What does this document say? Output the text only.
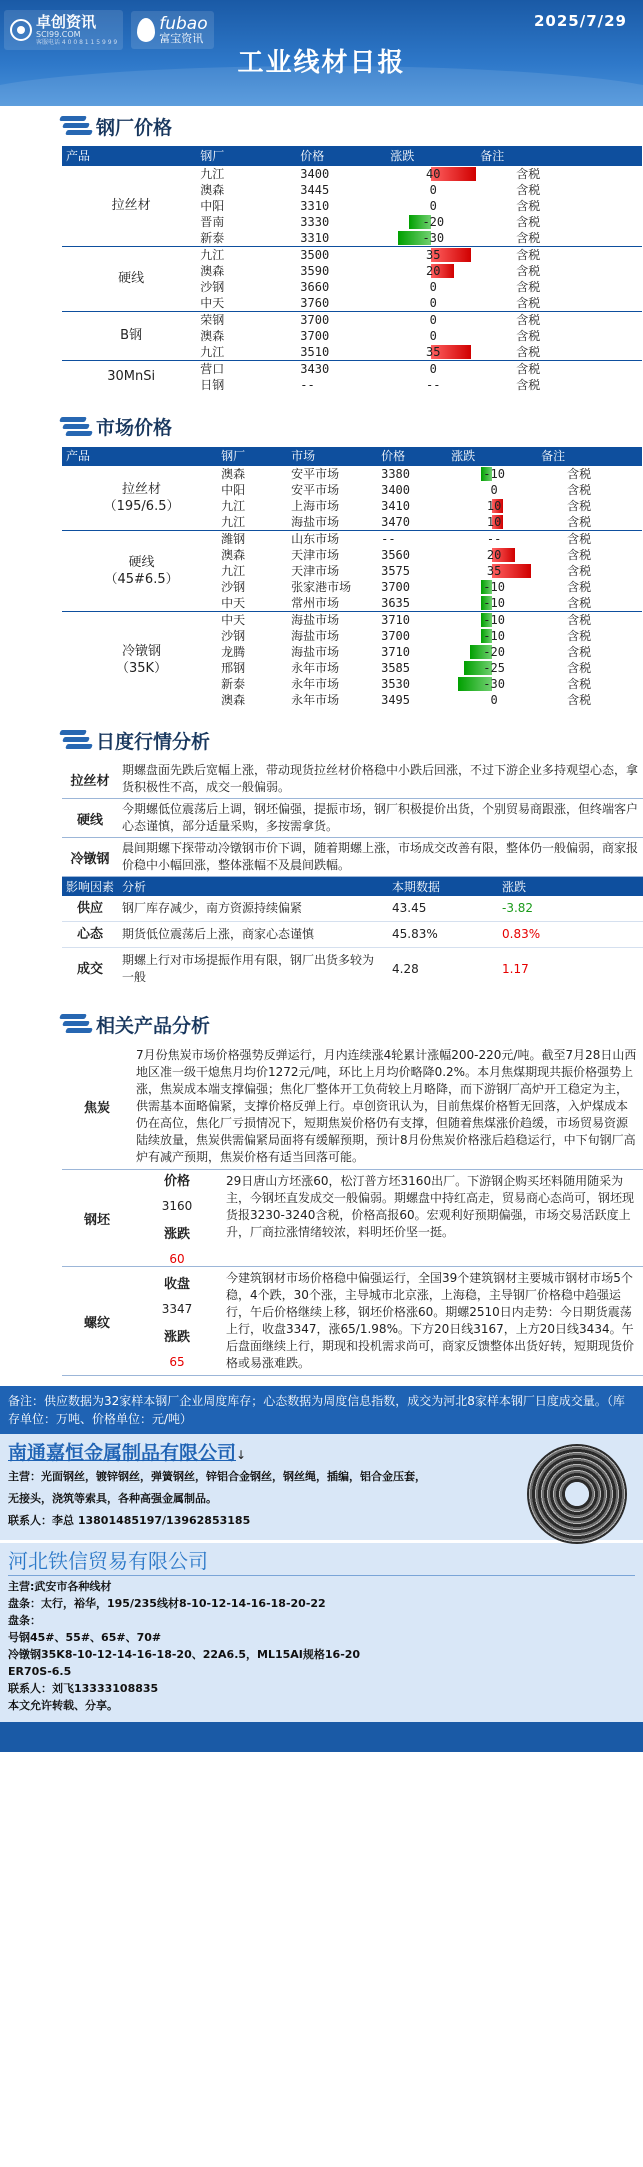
卓创资讯
SCI99.COM
客服电话 4 0 0 8 1 1 5 9 9 9
fubao
富宝资讯
2025/7/29
工业线材日报
钢厂价格
产品	钢厂	价格	涨跌	备注
拉丝材	九江	3400	40	含税
	澳森	3445	0	含税
	中阳	3310	0	含税
	晋南	3330	-20	含税
	新泰	3310	-30	含税
硬线	九江	3500	35	含税
	澳森	3590	20	含税
	沙钢	3660	0	含税
	中天	3760	0	含税
B钢	荣钢	3700	0	含税
	澳森	3700	0	含税
	九江	3510	35	含税
30MnSi	营口	3430	0	含税
	日钢	--	--	含税
市场价格
产品	钢厂	市场	价格	涨跌	备注
拉丝材
（195/6.5）	澳森	安平市场	3380	-10	含税
	中阳	安平市场	3400	0	含税
	九江	上海市场	3410	10	含税
	九江	海盐市场	3470	10	含税
硬线
（45#6.5）	潍钢	山东市场	--	--	含税
	澳森	天津市场	3560	20	含税
	九江	天津市场	3575	35	含税
	沙钢	张家港市场	3700	-10	含税
	中天	常州市场	3635	-10	含税
冷镦钢
（35K）	中天	海盐市场	3710	-10	含税
	沙钢	海盐市场	3700	-10	含税
	龙腾	海盐市场	3710	-20	含税
	邢钢	永年市场	3585	-25	含税
	新泰	永年市场	3530	-30	含税
	澳森	永年市场	3495	0	含税
日度行情分析
拉丝材
期螺盘面先跌后宽幅上涨，带动现货拉丝材价格稳中小跌后回涨，不过下游企业多持观望心态，拿货积极性不高，成交一般偏弱。
硬线
今期螺低位震荡后上调，钢坯偏强，提振市场，钢厂积极提价出货，个别贸易商跟涨，但终端客户心态谨慎，部分适量采购，多按需拿货。
冷镦钢
晨间期螺下探带动冷镦钢市价下调，随着期螺上涨，市场成交改善有限，整体仍一般偏弱，商家报价稳中小幅回涨，整体涨幅不及晨间跌幅。
影响因素	分析	本期数据	涨跌
供应	钢厂库存减少，南方资源持续偏紧	43.45	-3.82
心态	期货低位震荡后上涨，商家心态谨慎	45.83%	0.83%
成交	期螺上行对市场提振作用有限，钢厂出货多较为一般	4.28	1.17
相关产品分析
焦炭
7月份焦炭市场价格强势反弹运行，月内连续涨4轮累计涨幅200-220元/吨。截至7月28日山西地区准一级干熄焦月均价1272元/吨，环比上月均价略降0.2%。本月焦煤期现共振价格强势上涨，焦炭成本端支撑偏强；焦化厂整体开工负荷较上月略降，而下游钢厂高炉开工稳定为主，供需基本面略偏紧，支撑价格反弹上行。卓创资讯认为，目前焦煤价格暂无回落，入炉煤成本仍在高位，焦化厂亏损情况下，短期焦炭价格仍有支撑，但随着焦煤涨价趋缓，市场贸易资源陆续放量，焦炭供需偏紧局面将有缓解预期，预计8月份焦炭价格涨后趋稳运行，中下旬钢厂高炉有减产预期，焦炭价格有适当回落可能。
钢坯
价格
3160
涨跌
60
29日唐山方坯涨60，松汀普方坯3160出厂。下游钢企购买坯料随用随采为主，今钢坯直发成交一般偏弱。期螺盘中持红高走，贸易商心态尚可，钢坯现货报3230-3240含税，价格高报60。宏观利好预期偏强，市场交易活跃度上升，厂商拉涨情绪较浓，料明坯价坚一挺。
螺纹
收盘
3347
涨跌
65
今建筑钢材市场价格稳中偏强运行，全国39个建筑钢材主要城市钢材市场5个稳，4个跌，30个涨，主导城市北京涨，上海稳，主导钢厂价格稳中趋强运行，午后价格继续上移，钢坯价格涨60。期螺2510日内走势：今日期货震荡上行，收盘3347，涨65/1.98%。下方20日线3167，上方20日线3434。午后盘面继续上行，期现和投机需求尚可，商家反馈整体出货好转，短期现货价格或易涨难跌。
备注：供应数据为32家样本钢厂企业周度库存；心态数据为周度信息指数，成交为河北8家样本钢厂日度成交量。（库存单位：万吨、价格单位：元/吨）
南通嘉恒金属制品有限公司↓
主营：光面钢丝，镀锌钢丝，弹簧钢丝，锌铝合金钢丝，钢丝绳，插编，铝合金压套，
无接头，浇筑等索具，各种高强金属制品。
联系人：李总 13801485197/13962853185
河北铁信贸易有限公司
主营:武安市各种线材
盘条：太行，裕华，195/235线材8-10-12-14-16-18-20-22
盘条：
号钢45#、55#、65#、70#
冷镦钢35K8-10-12-14-16-18-20、22A6.5，ML15AI规格16-20
ER70S-6.5
联系人：刘飞13333108835
本文允许转载、分享。
